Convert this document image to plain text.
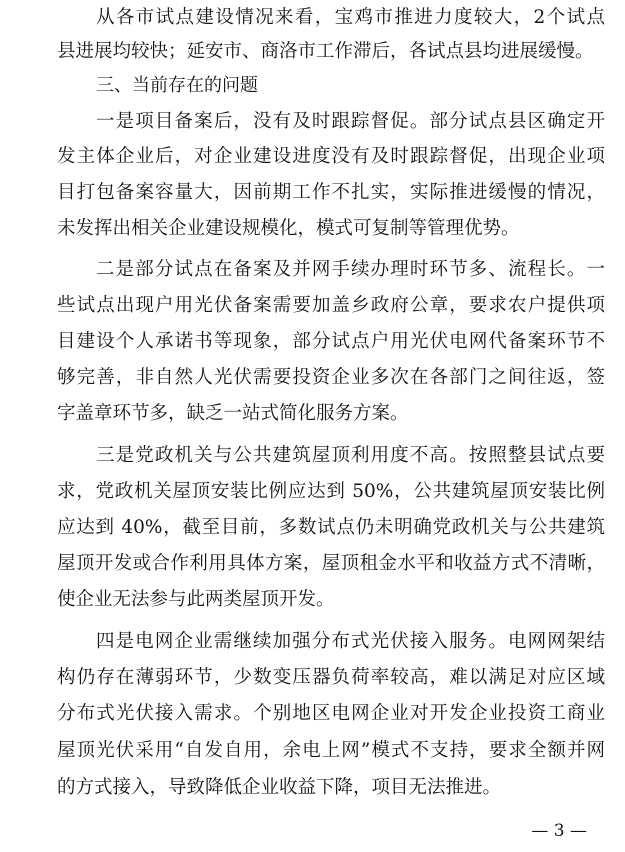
从各市试点建设情况来看，宝鸡市推进力度较大，2个试点
县进展均较快；延安市、商洛市工作滞后，各试点县均进展缓慢。
三、当前存在的问题
一是项目备案后，没有及时跟踪督促。部分试点县区确定开
发主体企业后，对企业建设进度没有及时跟踪督促，出现企业项
目打包备案容量大，因前期工作不扎实，实际推进缓慢的情况，
未发挥出相关企业建设规模化，模式可复制等管理优势。
二是部分试点在备案及并网手续办理时环节多、流程长。一
些试点出现户用光伏备案需要加盖乡政府公章，要求农户提供项
目建设个人承诺书等现象，部分试点户用光伏电网代备案环节不
够完善，非自然人光伏需要投资企业多次在各部门之间往返，签
字盖章环节多，缺乏一站式简化服务方案。
三是党政机关与公共建筑屋顶利用度不高。按照整县试点要
求，党政机关屋顶安装比例应达到 50%，公共建筑屋顶安装比例
应达到 40%，截至目前，多数试点仍未明确党政机关与公共建筑
屋顶开发或合作利用具体方案，屋顶租金水平和收益方式不清晰，
使企业无法参与此两类屋顶开发。
四是电网企业需继续加强分布式光伏接入服务。电网网架结
构仍存在薄弱环节，少数变压器负荷率较高，难以满足对应区域
分布式光伏接入需求。个别地区电网企业对开发企业投资工商业
屋顶光伏采用“自发自用，余电上网”模式不支持，要求全额并网
的方式接入，导致降低企业收益下降，项目无法推进。
— 3 —
